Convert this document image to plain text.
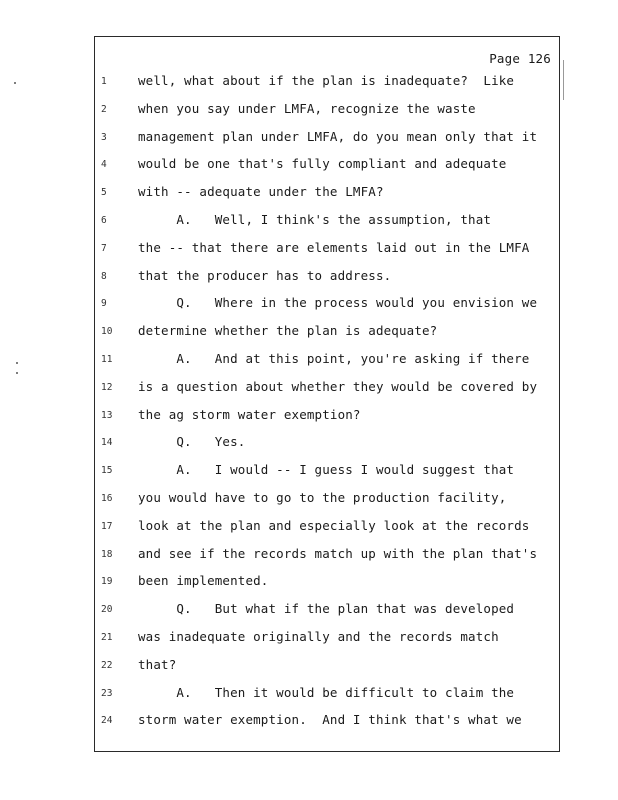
Page 126
1	well, what about if the plan is inadequate?  Like
2	when you say under LMFA, recognize the waste
3	management plan under LMFA, do you mean only that it
4	would be one that's fully compliant and adequate
5	with -- adequate under the LMFA?
6	A.   Well, I think's the assumption, that
7	the -- that there are elements laid out in the LMFA
8	that the producer has to address.
9	Q.   Where in the process would you envision we
10	determine whether the plan is adequate?
11	A.   And at this point, you're asking if there
12	is a question about whether they would be covered by
13	the ag storm water exemption?
14	Q.   Yes.
15	A.   I would -- I guess I would suggest that
16	you would have to go to the production facility,
17	look at the plan and especially look at the records
18	and see if the records match up with the plan that's
19	been implemented.
20	Q.   But what if the plan that was developed
21	was inadequate originally and the records match
22	that?
23	A.   Then it would be difficult to claim the
24	storm water exemption.  And I think that's what we
